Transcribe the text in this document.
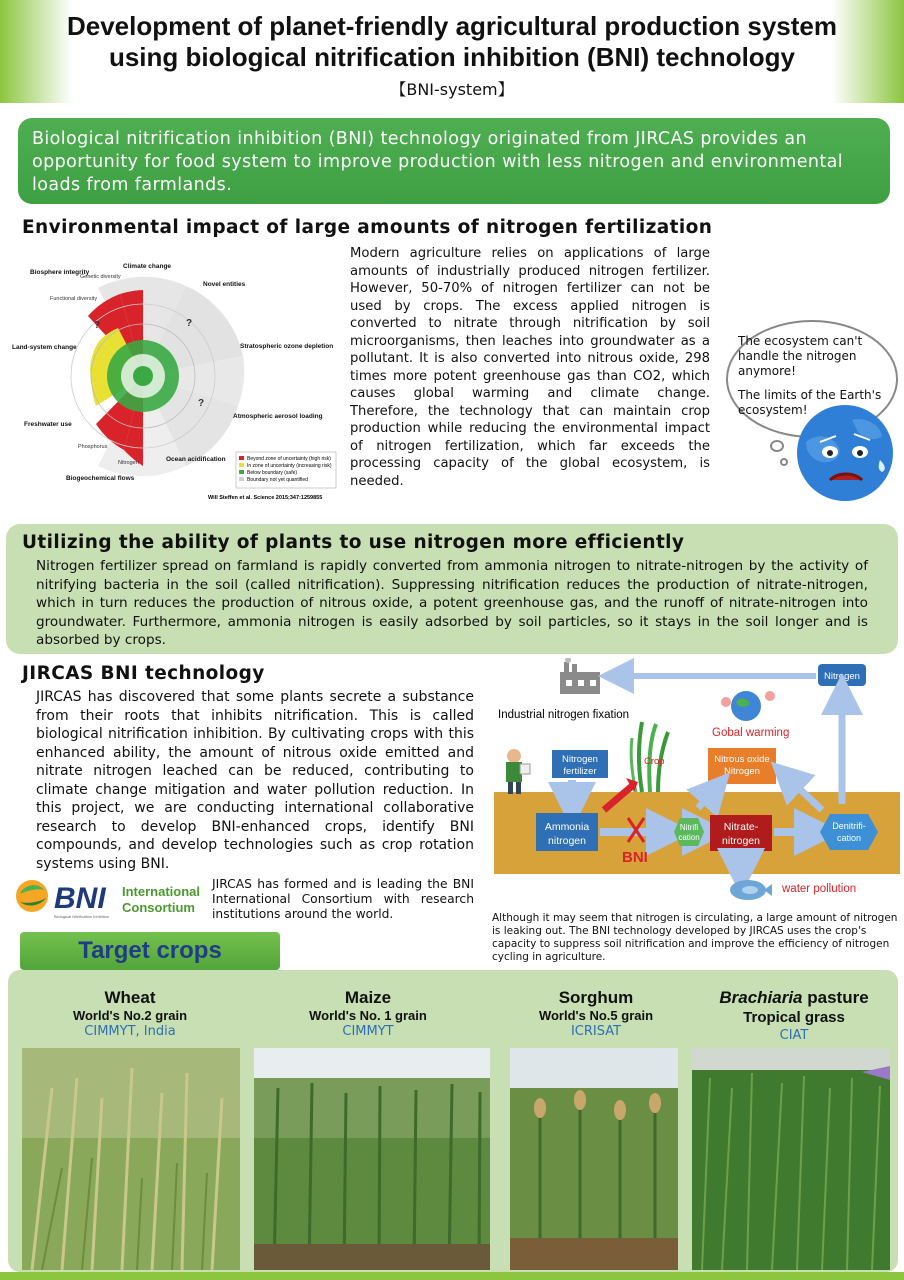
Development of planet-friendly agricultural production system
using biological nitrification inhibition (BNI) technology
【BNI-system】
Biological nitrification inhibition (BNI) technology originated from JIRCAS provides an opportunity for food system to improve production with less nitrogen and environmental loads from farmlands.
Environmental impact of large amounts of nitrogen fertilization
Climate change
Novel entities
Stratospheric ozone depletion
Atmospheric aerosol loading
Ocean acidification
Biogeochemical flows
Freshwater use
Land-system change
Biosphere integrity
Genetic diversity
Functional diversity
Phosphorus
Nitrogen
?	?
?
Beyond zone of uncertainty (high risk)
In zone of uncertainty (increasing risk)
Below boundary (safe)
Boundary not yet quantified
Will Steffen et al. Science 2015;347:1259855
Modern agriculture relies on applications of large amounts of industrially produced nitrogen fertilizer. However, 50-70% of nitrogen fertilizer can not be used by crops. The excess applied nitrogen is converted to nitrate through nitrification by soil microorganisms, then leaches into groundwater as a pollutant. It is also converted into nitrous oxide, 298 times more potent greenhouse gas than CO2, which causes global warming and climate change. Therefore, the technology that can maintain crop production while reducing the environmental impact of nitrogen fertilization, which far exceeds the processing capacity of the global ecosystem, is needed.
The ecosystem can't handle the nitrogen anymore!
The limits of the Earth's ecosystem!
Utilizing the ability of plants to use nitrogen more efficiently
Nitrogen fertilizer spread on farmland is rapidly converted from ammonia nitrogen to nitrate-nitrogen by the activity of nitrifying bacteria in the soil (called nitrification). Suppressing nitrification reduces the production of nitrate-nitrogen, which in turn reduces the production of nitrous oxide, a potent greenhouse gas, and the runoff of nitrate-nitrogen into groundwater. Furthermore, ammonia nitrogen is easily adsorbed by soil particles, so it stays in the soil longer and is absorbed by crops.
JIRCAS BNI technology
JIRCAS has discovered that some plants secrete a substance from their roots that inhibits nitrification. This is called biological nitrification inhibition. By cultivating crops with this enhanced ability, the amount of nitrous oxide emitted and nitrate nitrogen leached can be reduced, contributing to climate change mitigation and water pollution reduction. In this project, we are conducting international collaborative research to develop BNI-enhanced crops, identify BNI compounds, and develop technologies such as crop rotation systems using BNI.
BNI International
Consortium
Biological Nitrification Inhibition
JIRCAS has formed and is leading the BNI International Consortium with research institutions around the world.
Nitrogen
Industrial nitrogen fixation
Gobal warming
Nitrogen
fertilizer
Crop	Nitrous oxide
Nitrogen
Ammonia
nitrogen
BNI
Nitrifi
cation
Nitrate-
nitrogen
Denitrifi-
cation
water pollution
Although it may seem that nitrogen is circulating, a large amount of nitrogen is leaking out. The BNI technology developed by JIRCAS uses the crop's capacity to suppress soil nitrification and improve the efficiency of nitrogen cycling in agriculture.
Target crops
Wheat
World's No.2 grain
CIMMYT, India
Maize
World's No. 1 grain
CIMMYT
Sorghum
World's No.5 grain
ICRISAT
Brachiaria pasture
Tropical grass
CIAT
